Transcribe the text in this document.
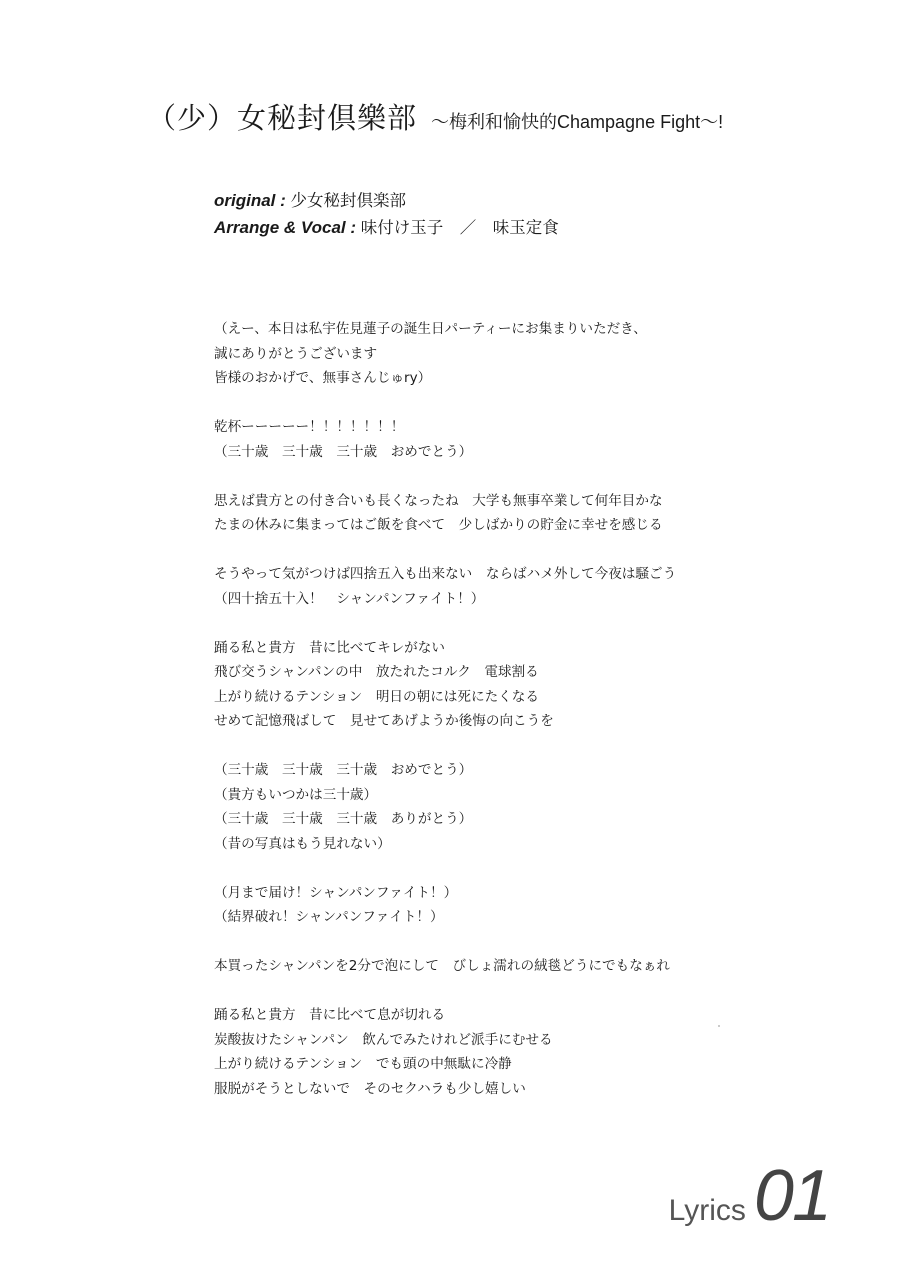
（少）女秘封倶樂部 ～梅利和愉快的Champagne Fight～!
original : 少女秘封倶楽部
Arrange & Vocal : 味付け玉子　／　味玉定食
（えー、本日は私宇佐見蓮子の誕生日パーティーにお集まりいただき、
誠にありがとうございます
皆様のおかげで、無事さんじゅry）
乾杯ーーーーー！！！！！！！
（三十歳　三十歳　三十歳　おめでとう）
思えば貴方との付き合いも長くなったね　大学も無事卒業して何年目かな
たまの休みに集まってはご飯を食べて　少しばかりの貯金に幸せを感じる
そうやって気がつけば四捨五入も出来ない　ならばハメ外して今夜は騒ごう
（四十捨五十入！　シャンパンファイト！）
踊る私と貴方　昔に比べてキレがない
飛び交うシャンパンの中　放たれたコルク　電球割る
上がり続けるテンション　明日の朝には死にたくなる
せめて記憶飛ばして　見せてあげようか後悔の向こうを
（三十歳　三十歳　三十歳　おめでとう）
（貴方もいつかは三十歳）
（三十歳　三十歳　三十歳　ありがとう）
（昔の写真はもう見れない）
（月まで届け！シャンパンファイト！）
（結界破れ！シャンパンファイト！）
本買ったシャンパンを2分で泡にして　びしょ濡れの絨毯どうにでもなぁれ
踊る私と貴方　昔に比べて息が切れる
炭酸抜けたシャンパン　飲んでみたけれど派手にむせる
上がり続けるテンション　でも頭の中無駄に冷静
服脱がそうとしないで　そのセクハラも少し嬉しい
Lyrics 01
